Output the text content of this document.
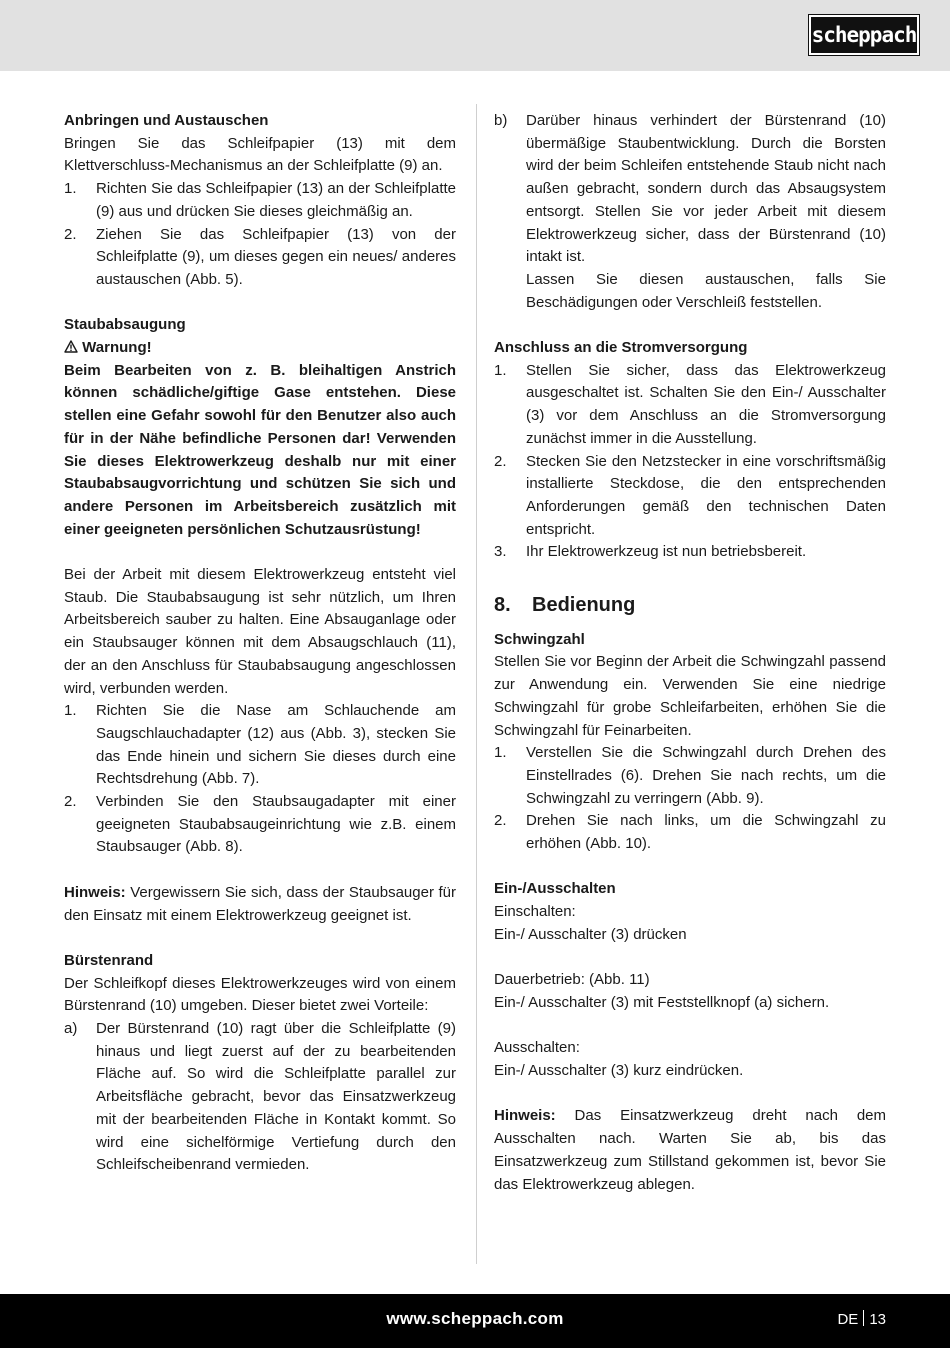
scheppach

Anbringen und Austauschen

Bringen Sie das Schleifpapier (13) mit dem Klettverschluss-Mechanismus an der Schleifplatte (9) an.

1.	Richten Sie das Schleifpapier (13) an der Schleifplatte (9) aus und drücken Sie dieses gleichmäßig an.
2.	Ziehen Sie das Schleifpapier (13) von der Schleifplatte (9), um dieses gegen ein neues/ anderes austauschen (Abb. 5).

Staubabsaugung

Warnung!

Beim Bearbeiten von z. B. bleihaltigen Anstrich können schädliche/giftige Gase entstehen. Diese stellen eine Gefahr sowohl für den Benutzer also auch für in der Nähe befindliche Personen dar! Verwenden Sie dieses Elektrowerkzeug deshalb nur mit einer Staubabsaugvorrichtung und schützen Sie sich und andere Personen im Arbeitsbereich zusätzlich mit einer geeigneten persönlichen Schutzausrüstung!

Bei der Arbeit mit diesem Elektrowerkzeug entsteht viel Staub. Die Staubabsaugung ist sehr nützlich, um Ihren Arbeitsbereich sauber zu halten. Eine Absauganlage oder ein Staubsauger können mit dem Absaugschlauch (11), der an den Anschluss für Staubabsaugung angeschlossen wird, verbunden werden.

1.	Richten Sie die Nase am Schlauchende am Saugschlauchadapter (12) aus (Abb. 3), stecken Sie das Ende hinein und sichern Sie dieses durch eine Rechtsdrehung (Abb. 7).
2.	Verbinden Sie den Staubsaugadapter mit einer geeigneten Staubabsaugeinrichtung wie z.B. einem Staubsauger (Abb. 8).

Hinweis: Vergewissern Sie sich, dass der Staubsauger für den Einsatz mit einem Elektrowerkzeug geeignet ist.

Bürstenrand

Der Schleifkopf dieses Elektrowerkzeuges wird von einem Bürstenrand (10) umgeben. Dieser bietet zwei Vorteile:

a)	Der Bürstenrand (10) ragt über die Schleifplatte (9) hinaus und liegt zuerst auf der zu bearbeitenden Fläche auf. So wird die Schleifplatte parallel zur Arbeitsfläche gebracht, bevor das Einsatzwerkzeug mit der bearbeitenden Fläche in Kontakt kommt. So wird eine sichelförmige Vertiefung durch den Schleifscheibenrand vermieden.
b)	Darüber hinaus verhindert der Bürstenrand (10) übermäßige Staubentwicklung. Durch die Borsten wird der beim Schleifen entstehende Staub nicht nach außen gebracht, sondern durch das Absaugsystem entsorgt. Stellen Sie vor jeder Arbeit mit diesem Elektrowerkzeug sicher, dass der Bürstenrand (10) intakt ist.

Lassen Sie diesen austauschen, falls Sie Beschädigungen oder Verschleiß feststellen.

Anschluss an die Stromversorgung

1.	Stellen Sie sicher, dass das Elektrowerkzeug ausgeschaltet ist. Schalten Sie den Ein-/ Ausschalter (3) vor dem Anschluss an die Stromversorgung zunächst immer in die Ausstellung.
2.	Stecken Sie den Netzstecker in eine vorschriftsmäßig installierte Steckdose, die den entsprechenden Anforderungen gemäß den technischen Daten entspricht.
3.	Ihr Elektrowerkzeug ist nun betriebsbereit.
8.	Bedienung

Schwingzahl

Stellen Sie vor Beginn der Arbeit die Schwingzahl passend zur Anwendung ein. Verwenden Sie eine niedrige Schwingzahl für grobe Schleifarbeiten, erhöhen Sie die Schwingzahl für Feinarbeiten.

1.	Verstellen Sie die Schwingzahl durch Drehen des Einstellrades (6). Drehen Sie nach rechts, um die Schwingzahl zu verringern (Abb. 9).
2.	Drehen Sie nach links, um die Schwingzahl zu erhöhen (Abb. 10).

Ein-/Ausschalten

Einschalten:

Ein-/ Ausschalter (3) drücken

Dauerbetrieb: (Abb. 11)

Ein-/ Ausschalter (3) mit Feststellknopf (a) sichern.

Ausschalten:

Ein-/ Ausschalter (3) kurz eindrücken.

Hinweis: Das Einsatzwerkzeug dreht nach dem Ausschalten nach. Warten Sie ab, bis das Einsatzwerkzeug zum Stillstand gekommen ist, bevor Sie das Elektrowerkzeug ablegen.

www.scheppach.com	DE 13
